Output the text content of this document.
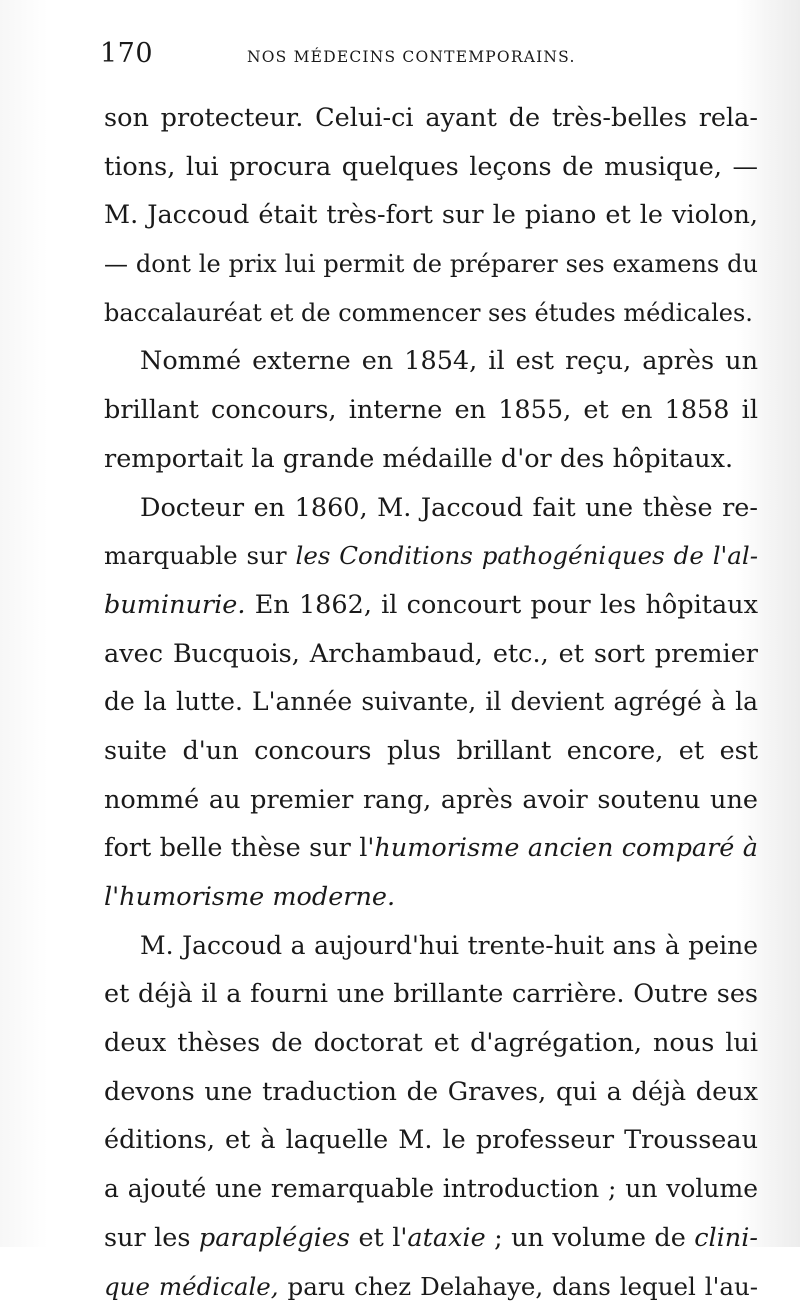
170	NOS MÉDECINS CONTEMPORAINS.
son protecteur. Celui-ci ayant de très-belles rela-
tions, lui procura quelques leçons de musique, —
M. Jaccoud était très-fort sur le piano et le violon,
— dont le prix lui permit de préparer ses examens du
baccalauréat et de commencer ses études médicales.
Nommé externe en 1854, il est reçu, après un
brillant concours, interne en 1855, et en 1858 il
remportait la grande médaille d'or des hôpitaux.
Docteur en 1860, M. Jaccoud fait une thèse re-
marquable sur les Conditions pathogéniques de l'al-
buminurie. En 1862, il concourt pour les hôpitaux
avec Bucquois, Archambaud, etc., et sort premier
de la lutte. L'année suivante, il devient agrégé à la
suite d'un concours plus brillant encore, et est
nommé au premier rang, après avoir soutenu une
fort belle thèse sur l'humorisme ancien comparé à
l'humorisme moderne.
M. Jaccoud a aujourd'hui trente-huit ans à peine
et déjà il a fourni une brillante carrière. Outre ses
deux thèses de doctorat et d'agrégation, nous lui
devons une traduction de Graves, qui a déjà deux
éditions, et à laquelle M. le professeur Trousseau
a ajouté une remarquable introduction ; un volume
sur les paraplégies et l'ataxie ; un volume de clini-
que médicale, paru chez Delahaye, dans lequel l'au-
